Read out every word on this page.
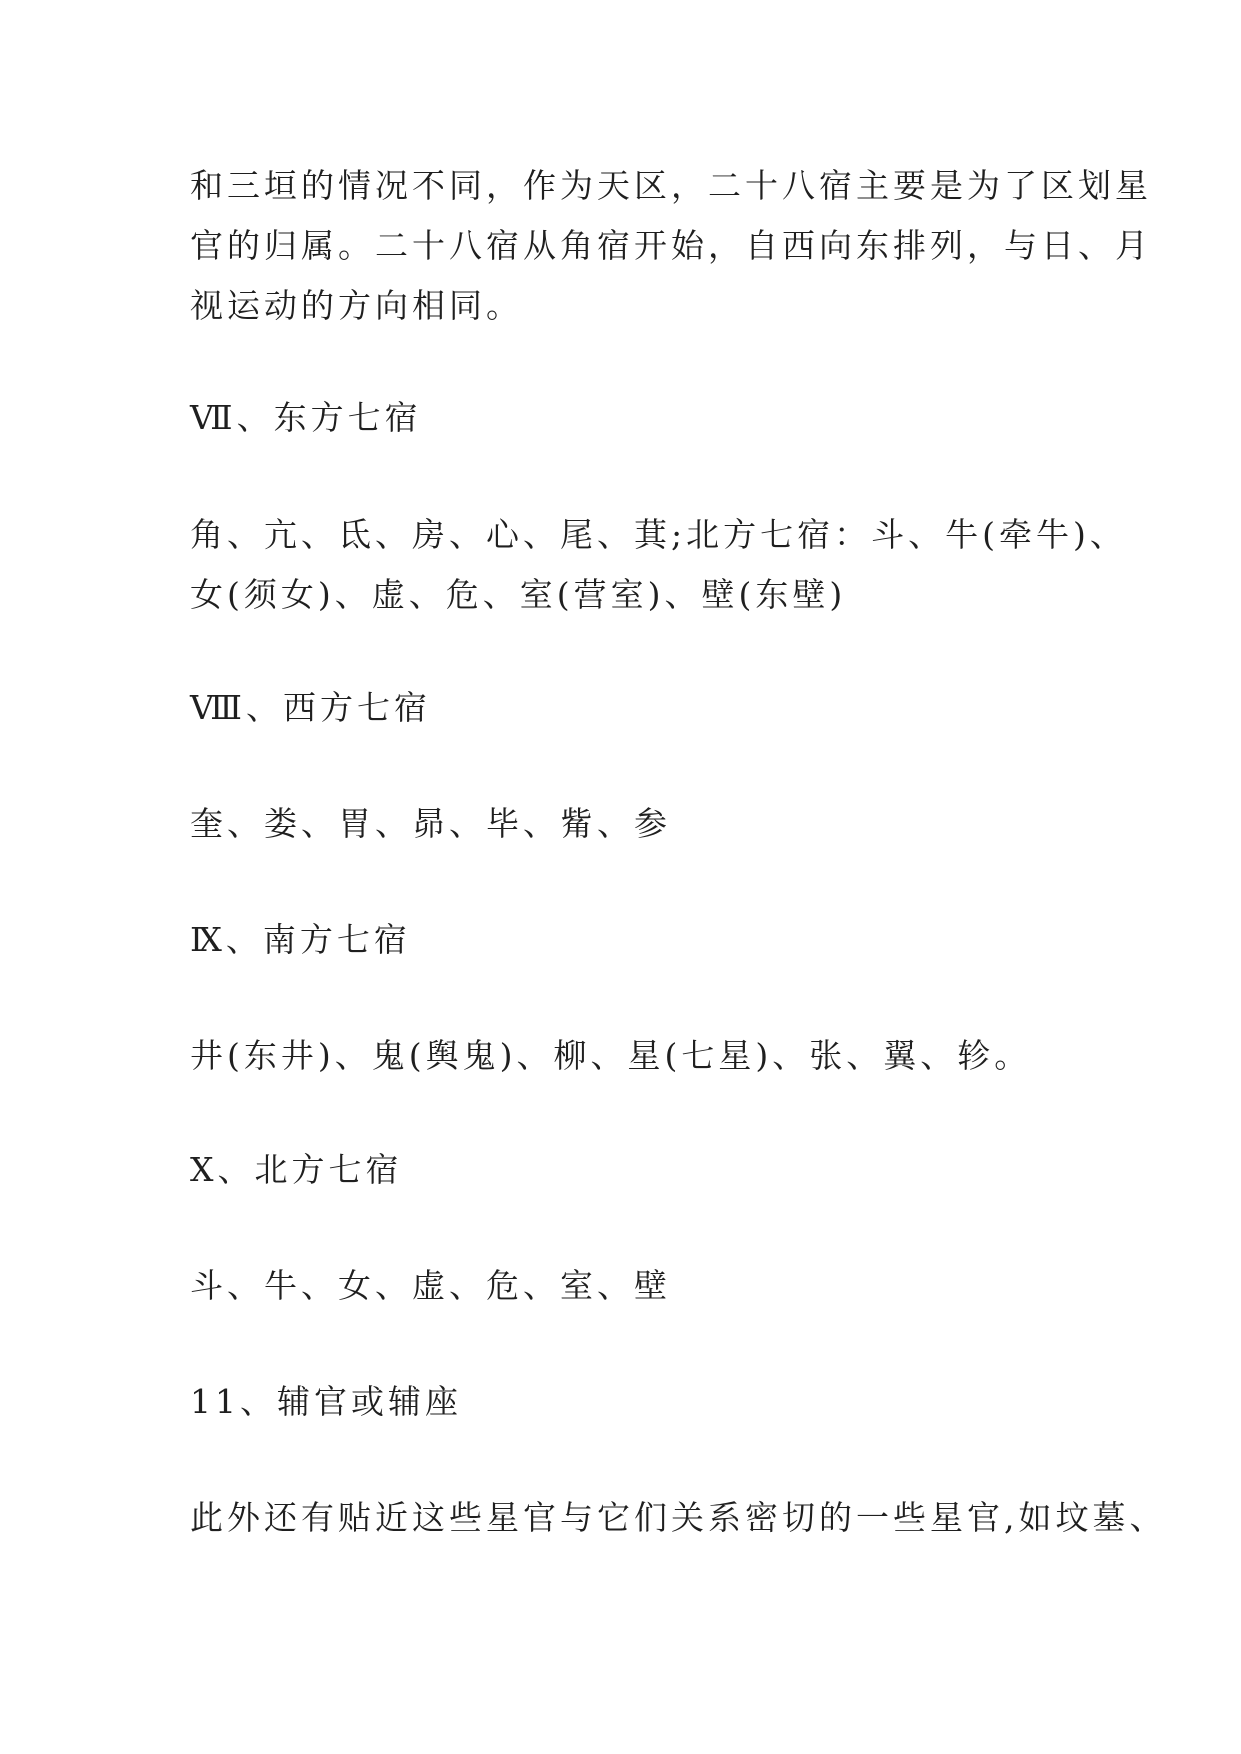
和三垣的情况不同，作为天区，二十八宿主要是为了区划星
官的归属。二十八宿从角宿开始，自西向东排列，与日、月
视运动的方向相同。
Ⅶ、东方七宿
角、亢、氐、房、心、尾、萁;北方七宿：斗、牛(牵牛)、
女(须女)、虚、危、室(营室)、壁(东壁)
Ⅷ、西方七宿
奎、娄、胃、昴、毕、觜、参
Ⅸ、南方七宿
井(东井)、鬼(舆鬼)、柳、星(七星)、张、翼、轸。
Ⅹ、北方七宿
斗、牛、女、虚、危、室、壁
11、辅官或辅座
此外还有贴近这些星官与它们关系密切的一些星官,如坟墓、
